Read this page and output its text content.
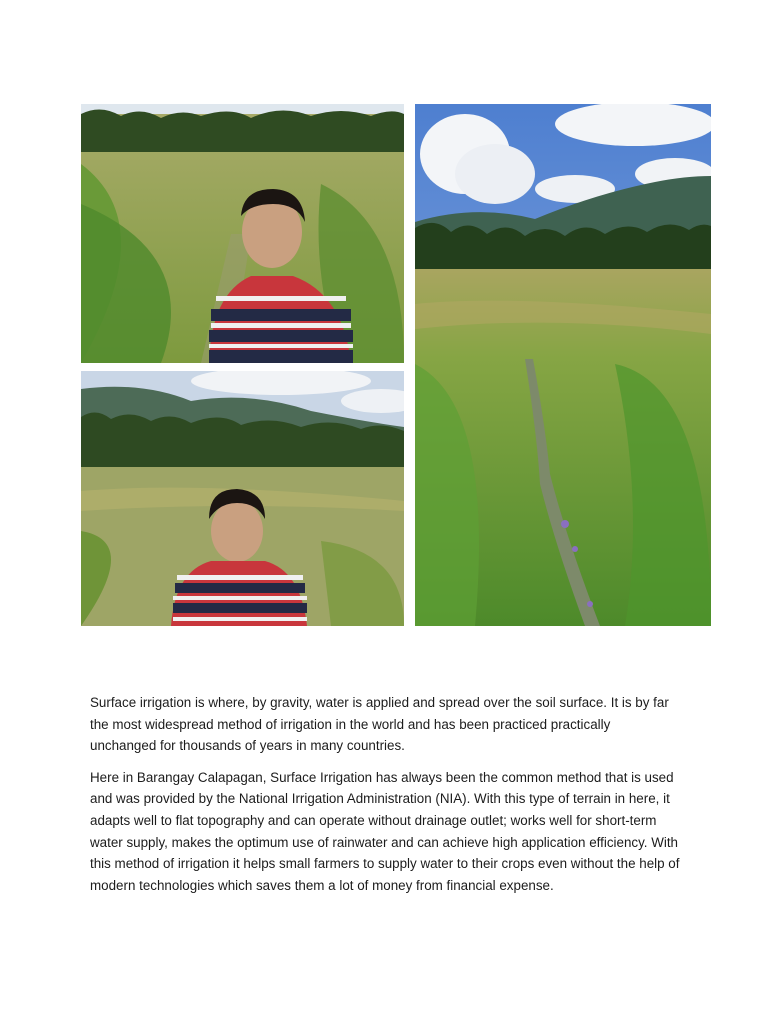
Surface irrigation is where, by gravity, water is applied and spread over the soil surface. It is by far the most widespread method of irrigation in the world and has been practiced practically unchanged for thousands of years in many countries.

Here in Barangay Calapagan, Surface Irrigation has always been the common method that is used and was provided by the National Irrigation Administration (NIA). With this type of terrain in here, it adapts well to flat topography and can operate without drainage outlet; works well for short-term water supply, makes the optimum use of rainwater and can achieve high application efficiency. With this method of irrigation it helps small farmers to supply water to their crops even without the help of modern technologies which saves them a lot of money from financial expense.
